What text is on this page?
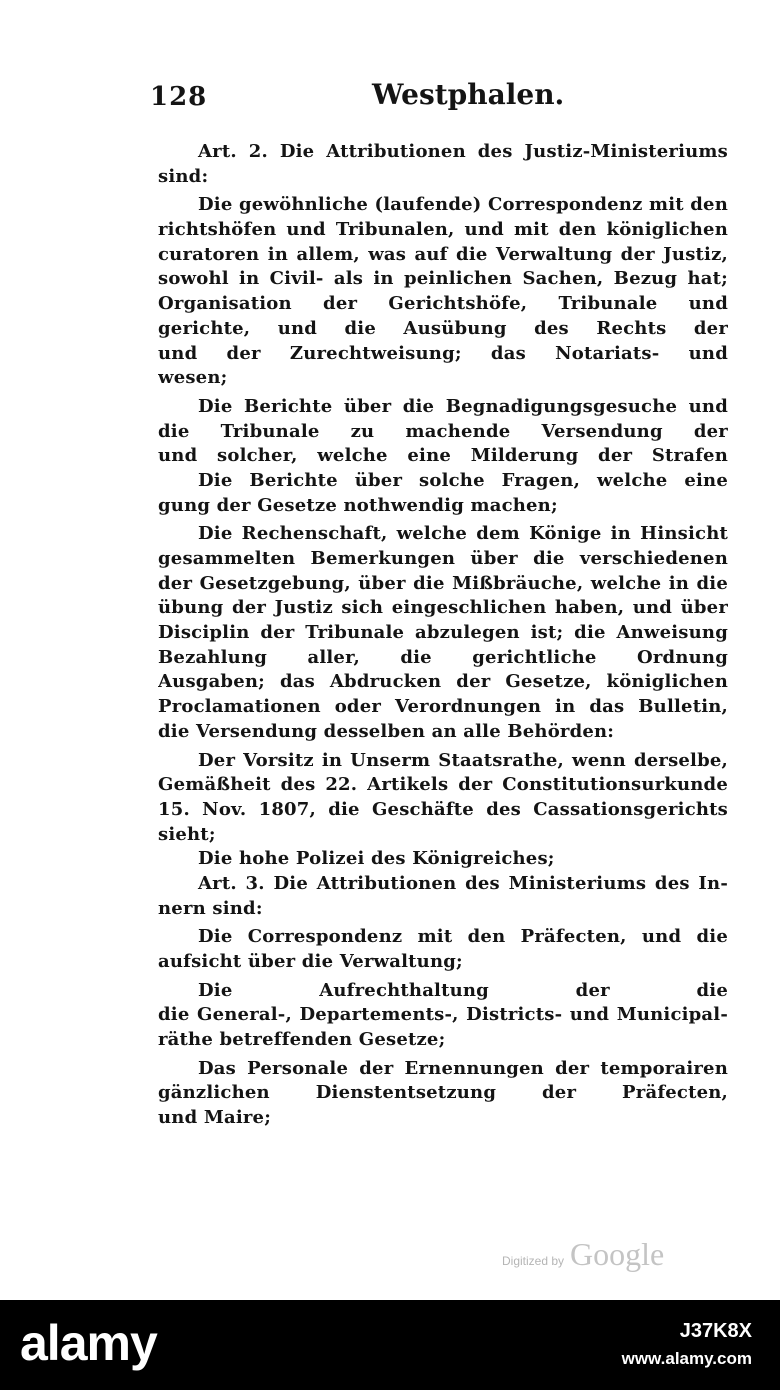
128	Westphalen.
Art. 2. Die Attributionen des Justiz-Ministeriums
sind:
Die gewöhnliche (laufende) Correspondenz mit den
richtshöfen und Tribunalen, und mit den königlichen
curatoren in allem, was auf die Verwaltung der Justiz,
sowohl in Civil- als in peinlichen Sachen, Bezug hat;
Organisation der Gerichtshöfe, Tribunale und
gerichte, und die Ausübung des Rechts der
und der Zurechtweisung; das Notariats- und
wesen;
Die Berichte über die Begnadigungsgesuche und
die Tribunale zu machende Versendung der
und solcher, welche eine Milderung der Strafen
Die Berichte über solche Fragen, welche eine
gung der Gesetze nothwendig machen;
Die Rechenschaft, welche dem Könige in Hinsicht
gesammelten Bemerkungen über die verschiedenen
der Gesetzgebung, über die Mißbräuche, welche in die
übung der Justiz sich eingeschlichen haben, und über
Disciplin der Tribunale abzulegen ist; die Anweisung
Bezahlung aller, die gerichtliche Ordnung
Ausgaben; das Abdrucken der Gesetze, königlichen
Proclamationen oder Verordnungen in das Bulletin,
die Versendung desselben an alle Behörden:
Der Vorsitz in Unserm Staatsrathe, wenn derselbe,
Gemäßheit des 22. Artikels der Constitutionsurkunde
15. Nov. 1807, die Geschäfte des Cassationsgerichts
sieht;
Die hohe Polizei des Königreiches;
Art. 3. Die Attributionen des Ministeriums des In-
nern sind:
Die Correspondenz mit den Präfecten, und die
aufsicht über die Verwaltung;
Die Aufrechthaltung der die
die General-, Departements-, Districts- und Municipal-
räthe betreffenden Gesetze;
Das Personale der Ernennungen der temporairen
gänzlichen Dienstentsetzung der Präfecten,
und Maire;
Digitized by Google
alamy	J37K8X
www.alamy.com
